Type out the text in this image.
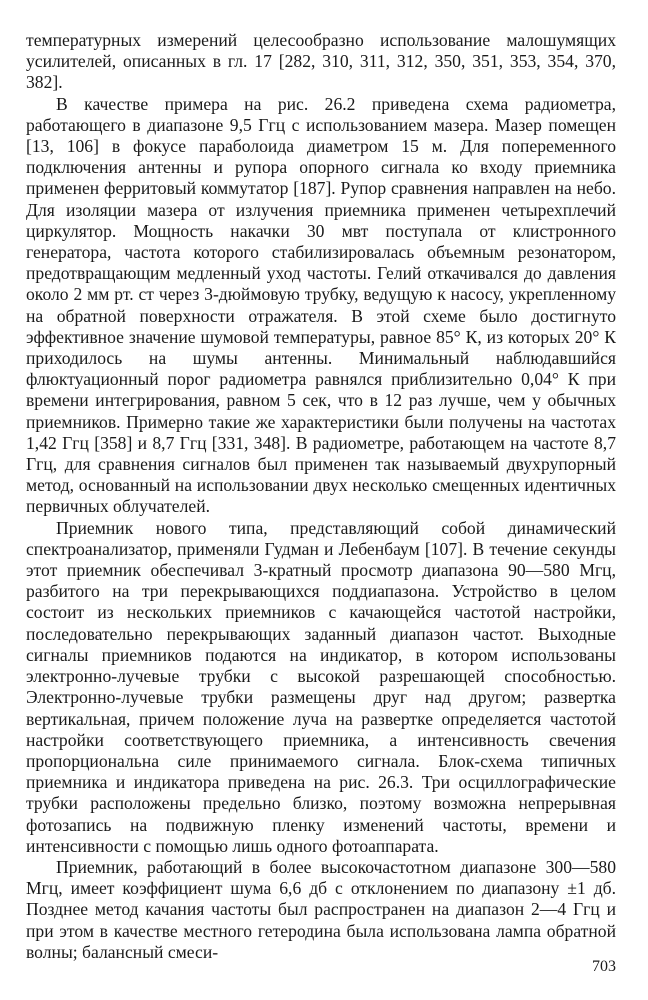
температурных измерений целесообразно использование малошумящих усилителей, описанных в гл. 17 [282, 310, 311, 312, 350, 351, 353, 354, 370, 382].

В качестве примера на рис. 26.2 приведена схема радиометра, работающего в диапазоне 9,5 Ггц с использованием мазера. Мазер помещен [13, 106] в фокусе параболоида диаметром 15 м. Для попеременного подключения антенны и рупора опорного сигнала ко входу приемника применен ферритовый коммутатор [187]. Рупор сравнения направлен на небо. Для изоляции мазера от излучения приемника применен четырехплечий циркулятор. Мощность накачки 30 мвт поступала от клистронного генератора, частота которого стабилизировалась объемным резонатором, предотвращающим медленный уход частоты. Гелий откачивался до давления около 2 мм рт. ст через 3-дюймовую трубку, ведущую к насосу, укрепленному на обратной поверхности отражателя. В этой схеме было достигнуто эффективное значение шумовой температуры, равное 85° К, из которых 20° К приходилось на шумы антенны. Минимальный наблюдавшийся флюктуационный порог радиометра равнялся приблизительно 0,04° К при времени интегрирования, равном 5 сек, что в 12 раз лучше, чем у обычных приемников. Примерно такие же характеристики были получены на частотах 1,42 Ггц [358] и 8,7 Ггц [331, 348]. В радиометре, работающем на частоте 8,7 Ггц, для сравнения сигналов был применен так называемый двухрупорный метод, основанный на использовании двух несколько смещенных идентичных первичных облучателей.

Приемник нового типа, представляющий собой динамический спектроанализатор, применяли Гудман и Лебенбаум [107]. В течение секунды этот приемник обеспечивал 3-кратный просмотр диапазона 90—580 Мгц, разбитого на три перекрывающихся поддиапазона. Устройство в целом состоит из нескольких приемников с качающейся частотой настройки, последовательно перекрывающих заданный диапазон частот. Выходные сигналы приемников подаются на индикатор, в котором использованы электронно-лучевые трубки с высокой разрешающей способностью. Электронно-лучевые трубки размещены друг над другом; развертка вертикальная, причем положение луча на развертке определяется частотой настройки соответствующего приемника, а интенсивность свечения пропорциональна силе принимаемого сигнала. Блок-схема типичных приемника и индикатора приведена на рис. 26.3. Три осциллографические трубки расположены предельно близко, поэтому возможна непрерывная фотозапись на подвижную пленку изменений частоты, времени и интенсивности с помощью лишь одного фотоаппарата.

Приемник, работающий в более высокочастотном диапазоне 300—580 Мгц, имеет коэффициент шума 6,6 дб с отклонением по диапазону ±1 дб. Позднее метод качания частоты был распространен на диапазон 2—4 Ггц и при этом в качестве местного гетеродина была использована лампа обратной волны; балансный смеси-

703
